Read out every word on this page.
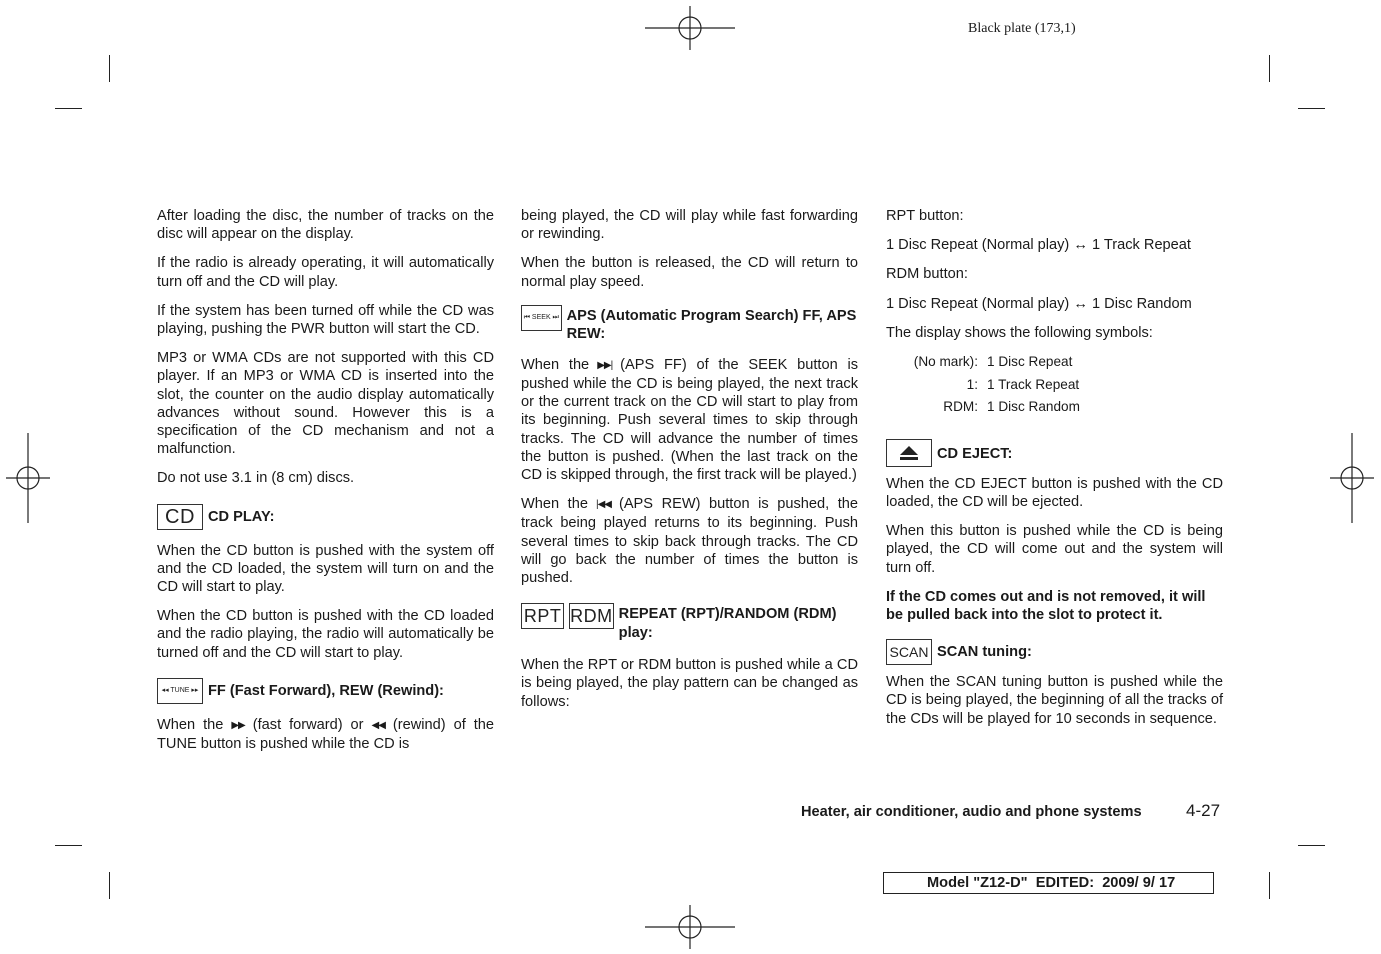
Black plate (173,1)

After loading the disc, the number of tracks on the disc will appear on the display.

If the radio is already operating, it will automatically turn off and the CD will play.

If the system has been turned off while the CD was playing, pushing the PWR button will start the CD.

MP3 or WMA CDs are not supported with this CD player. If an MP3 or WMA CD is inserted into the slot, the counter on the audio display automatically advances without sound. However this is a specification of the CD mechanism and not a malfunction.

Do not use 3.1 in (8 cm) discs.

CD CD PLAY:

When the CD button is pushed with the system off and the CD loaded, the system will turn on and the CD will start to play.

When the CD button is pushed with the CD loaded and the radio playing, the radio will automatically be turned off and the CD will start to play.

◂◂ TUNE ▸▸ FF (Fast Forward), REW (Rewind):

When the ▶▶ (fast forward) or ◀◀ (rewind) of the TUNE button is pushed while the CD is

being played, the CD will play while fast forwarding or rewinding.

When the button is released, the CD will return to normal play speed.

⏮ SEEK ⏭ APS (Automatic Program Search) FF, APS REW:

When the ▶▶| (APS FF) of the SEEK button is pushed while the CD is being played, the next track or the current track on the CD will start to play from its beginning. Push several times to skip through tracks. The CD will advance the number of times the button is pushed. (When the last track on the CD is skipped through, the first track will be played.)

When the |◀◀ (APS REW) button is pushed, the track being played returns to its beginning. Push several times to skip back through tracks. The CD will go back the number of times the button is pushed.

RPT RDM REPEAT (RPT)/RANDOM (RDM) play:

When the RPT or RDM button is pushed while a CD is being played, the play pattern can be changed as follows:

RPT button:

1 Disc Repeat (Normal play) ↔ 1 Track Repeat

RDM button:

1 Disc Repeat (Normal play) ↔ 1 Disc Random

The display shows the following symbols:

(No mark): 1 Disc Repeat
1: 1 Track Repeat
RDM: 1 Disc Random
CD EJECT:

When the CD EJECT button is pushed with the CD loaded, the CD will be ejected.

When this button is pushed while the CD is being played, the CD will come out and the system will turn off.

If the CD comes out and is not removed, it will be pulled back into the slot to protect it.

SCAN SCAN tuning:

When the SCAN tuning button is pushed while the CD is being played, the beginning of all the tracks of the CDs will be played for 10 seconds in sequence.

Heater, air conditioner, audio and phone systems	4-27
Model "Z12-D"  EDITED:  2009/ 9/ 17
